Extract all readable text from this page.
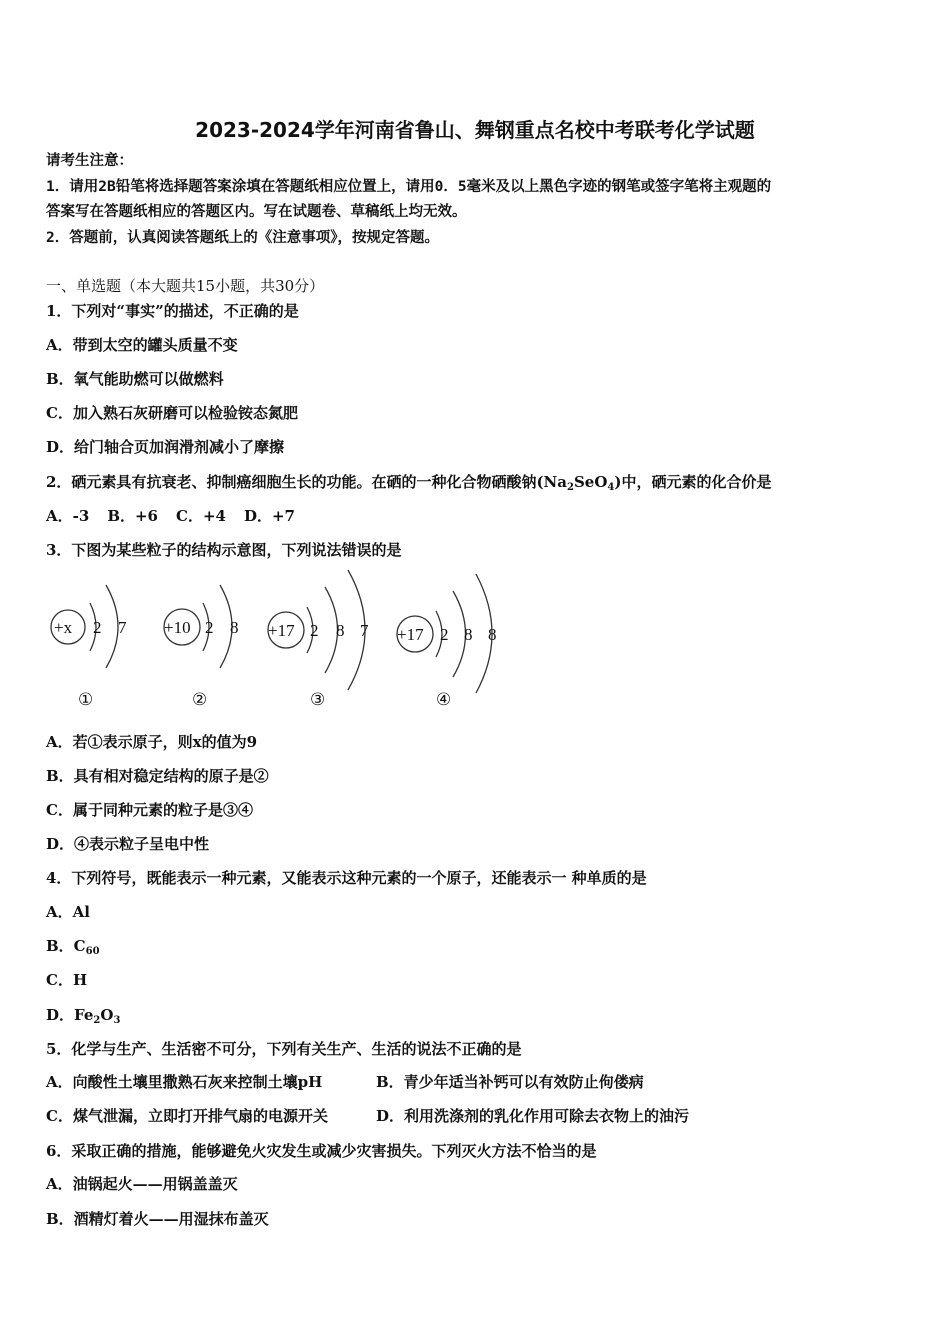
2023-2024学年河南省鲁山、舞钢重点名校中考联考化学试题
请考生注意：
1．请用2B铅笔将选择题答案涂填在答题纸相应位置上，请用0．5毫米及以上黑色字迹的钢笔或签字笔将主观题的
答案写在答题纸相应的答题区内。写在试题卷、草稿纸上均无效。
2．答题前，认真阅读答题纸上的《注意事项》，按规定答题。
一、单选题（本大题共15小题，共30分）
1．下列对“事实”的描述，不正确的是
A．带到太空的罐头质量不变
B．氧气能助燃可以做燃料
C．加入熟石灰研磨可以检验铵态氮肥
D．给门轴合页加润滑剂减小了摩擦
2．硒元素具有抗衰老、抑制癌细胞生长的功能。在硒的一种化合物硒酸钠$(Na_2SeO_4)$中，硒元素的化合价是
A．-3 B．+6 C．+4 D．+7
3．下图为某些粒子的结构示意图，下列说法错误的是
+x 2 7
①
+10 2 8
②
+17 2 8 7
③
+17 2 8 8
④
A．若①表示原子，则x的值为9
B．具有相对稳定结构的原子是②
C．属于同种元素的粒子是③④
D．④表示粒子呈电中性
4．下列符号，既能表示一种元素，又能表示这种元素的一个原子，还能表示一 种单质的是
A．Al
B．$C_{60}$
C．H
D．$Fe_2O_3$
5．化学与生产、生活密不可分，下列有关生产、生活的说法不正确的是
A．向酸性土壤里撒熟石灰来控制土壤pH	B．青少年适当补钙可以有效防止佝偻病
C．煤气泄漏，立即打开排气扇的电源开关	D．利用洗涤剂的乳化作用可除去衣物上的油污
6．采取正确的措施，能够避免火灾发生或减少灾害损失。下列灭火方法不恰当的是
A．油锅起火——用锅盖盖灭
B．酒精灯着火——用湿抹布盖灭
